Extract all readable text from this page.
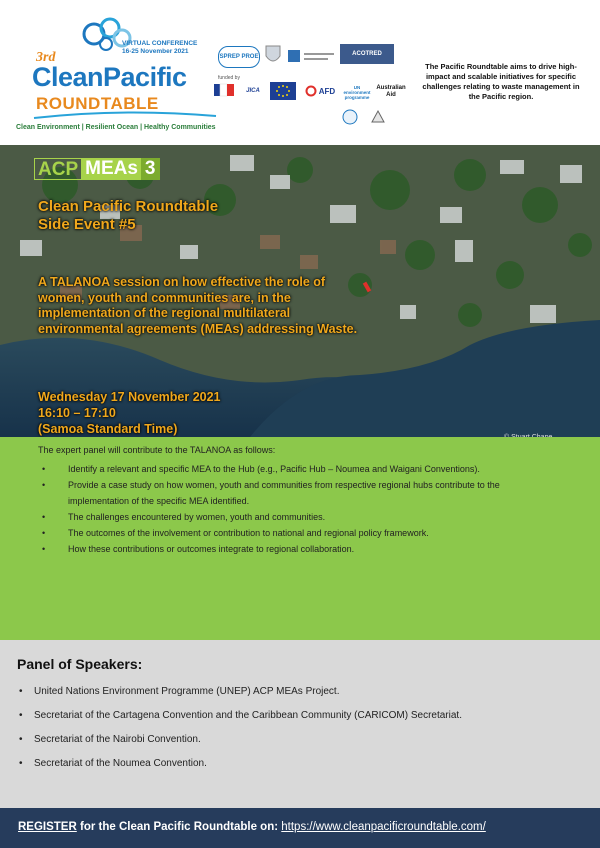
3rd
CleanPacific
ROUNDTABLE
VIRTUAL CONFERENCE
16-25 November 2021
Clean Environment | Resilient Ocean | Healthy Communities
SPREP PROE	ACOTRED
funded by
JICA	AFD	UN environment programme
Australian Aid
The Pacific Roundtable aims to drive high-impact and scalable initiatives for specific challenges relating to waste management in the Pacific region.
ACP MEAs 3
Clean Pacific Roundtable
Side Event #5
A TALANOA session on how effective the role of women, youth and communities are, in the implementation of the regional multilateral environmental agreements (MEAs) addressing Waste.
Wednesday 17 November 2021
16:10 – 17:10
(Samoa Standard Time)
The expert panel will contribute to the TALANOA as follows:
• Identify a relevant and specific MEA to the Hub (e.g., Pacific Hub – Noumea and Waigani Conventions).
• Provide a case study on how women, youth and communities from respective regional hubs contribute to the implementation of the specific MEA identified.
• The challenges encountered by women, youth and communities.
• The outcomes of the involvement or contribution to national and regional policy framework.
• How these contributions or outcomes integrate to regional collaboration.
Panel of Speakers:
• United Nations Environment Programme (UNEP) ACP MEAs Project.
• Secretariat of the Cartagena Convention and the Caribbean Community (CARICOM) Secretariat.
• Secretariat of the Nairobi Convention.
• Secretariat of the Noumea Convention.
REGISTER for the Clean Pacific Roundtable on: https://www.cleanpacificroundtable.com/
